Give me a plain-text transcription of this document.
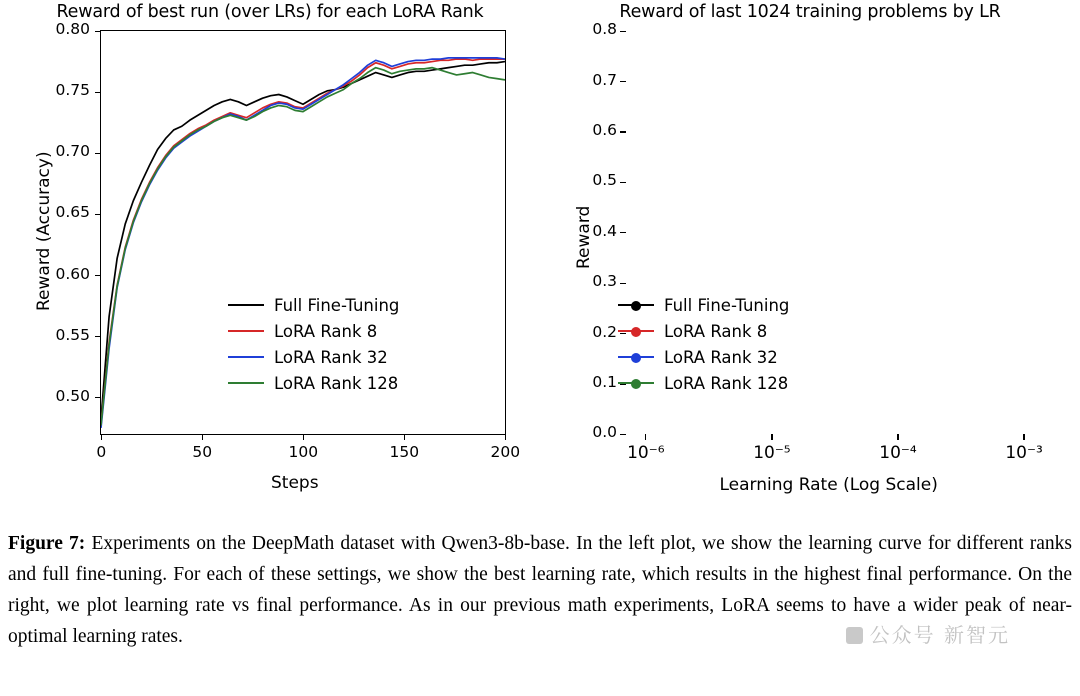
Reward of best run (over LRs) for each LoRA Rank
0	50	100	150	200
0.50
0.55
0.60
0.65
0.70
0.75
0.80
Steps
Reward (Accuracy)	Full Fine-Tuning
LoRA Rank 8
LoRA Rank 32
LoRA Rank 128
Reward of last 1024 training problems by LR
10⁻⁶	10⁻⁵	10⁻⁴	10⁻³
0.0
0.1
0.2
0.3
0.4
0.5
0.6
0.7
0.8
Learning Rate (Log Scale)
Reward
Full Fine-Tuning
LoRA Rank 8
LoRA Rank 32
LoRA Rank 128
Figure 7: Experiments on the DeepMath dataset with Qwen3-8b-base. In the left plot, we show the learning curve for different ranks and full fine-tuning. For each of these settings, we show the best learning rate, which results in the highest final performance. On the right, we plot learning rate vs final performance. As in our previous math experiments, LoRA seems to have a wider peak of near-optimal learning rates.	公众号 新智元
